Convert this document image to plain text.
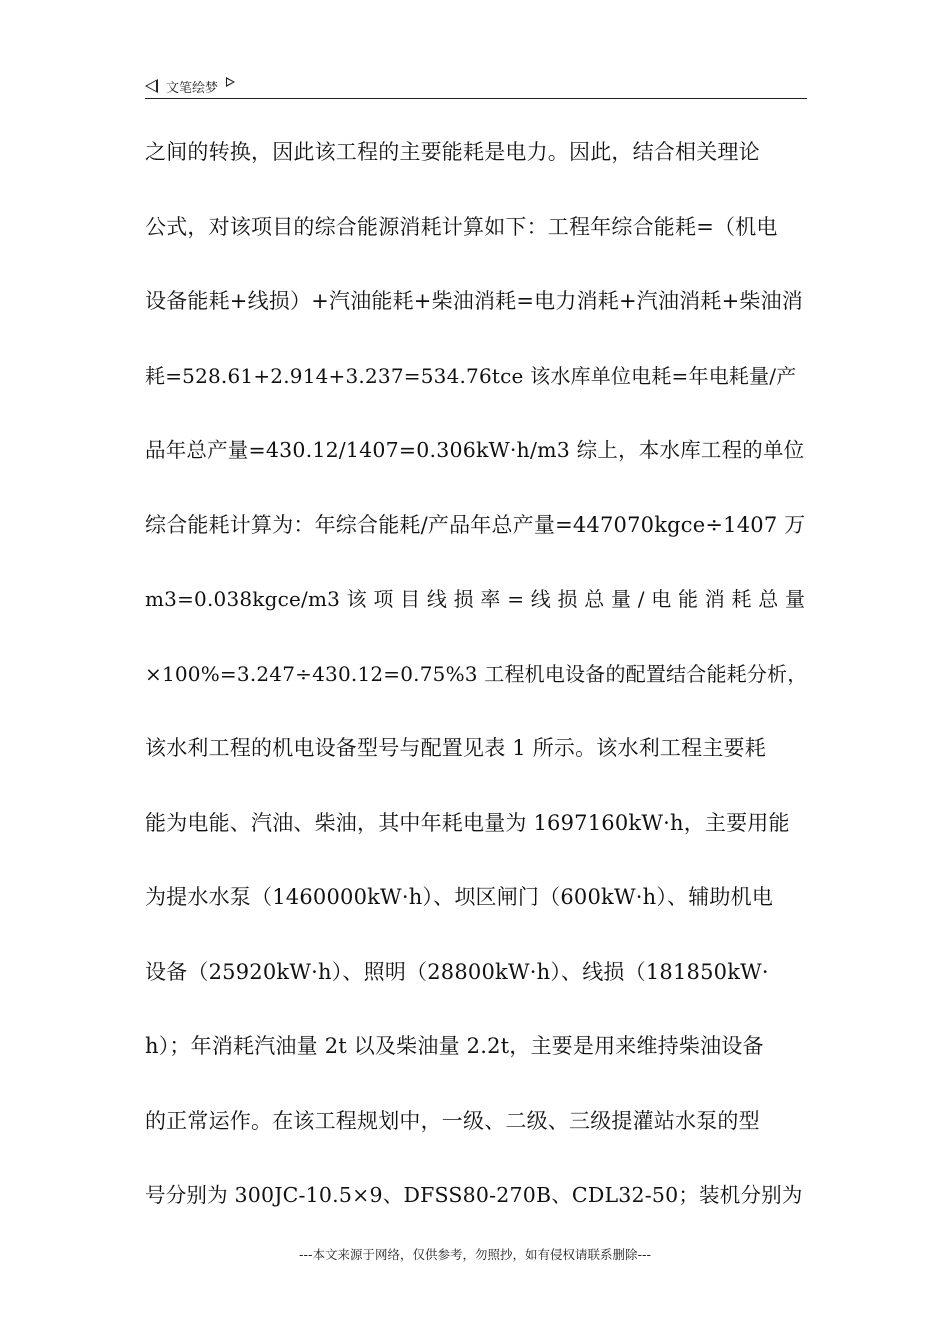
文笔绘梦
之间的转换，因此该工程的主要能耗是电力。因此，结合相关理论
公式，对该项目的综合能源消耗计算如下：工程年综合能耗=（机电
设备能耗+线损）+汽油能耗+柴油消耗=电力消耗+汽油消耗+柴油消
耗=528.61+2.914+3.237=534.76tce 该水库单位电耗=年电耗量/产
品年总产量=430.12/1407=0.306kW·h/m3 综上，本水库工程的单位
综合能耗计算为：年综合能耗/产品年总产量=447070kgce÷1407 万
m3=0.038kgce/m3 该 项 目 线 损 率 = 线 损 总 量 / 电 能 消 耗 总 量
×100%=3.247÷430.12=0.75%3 工程机电设备的配置结合能耗分析，
该水利工程的机电设备型号与配置见表 1 所示。该水利工程主要耗
能为电能、汽油、柴油，其中年耗电量为 1697160kW·h，主要用能
为提水水泵（1460000kW·h）、坝区闸门（600kW·h）、辅助机电
设备（25920kW·h）、照明（28800kW·h）、线损（181850kW·
h）；年消耗汽油量 2t 以及柴油量 2.2t，主要是用来维持柴油设备
的正常运作。在该工程规划中，一级、二级、三级提灌站水泵的型
号分别为 300JC-10.5×9、DFSS80-270B、CDL32-50；装机分别为
---本文来源于网络，仅供参考，勿照抄，如有侵权请联系删除---
